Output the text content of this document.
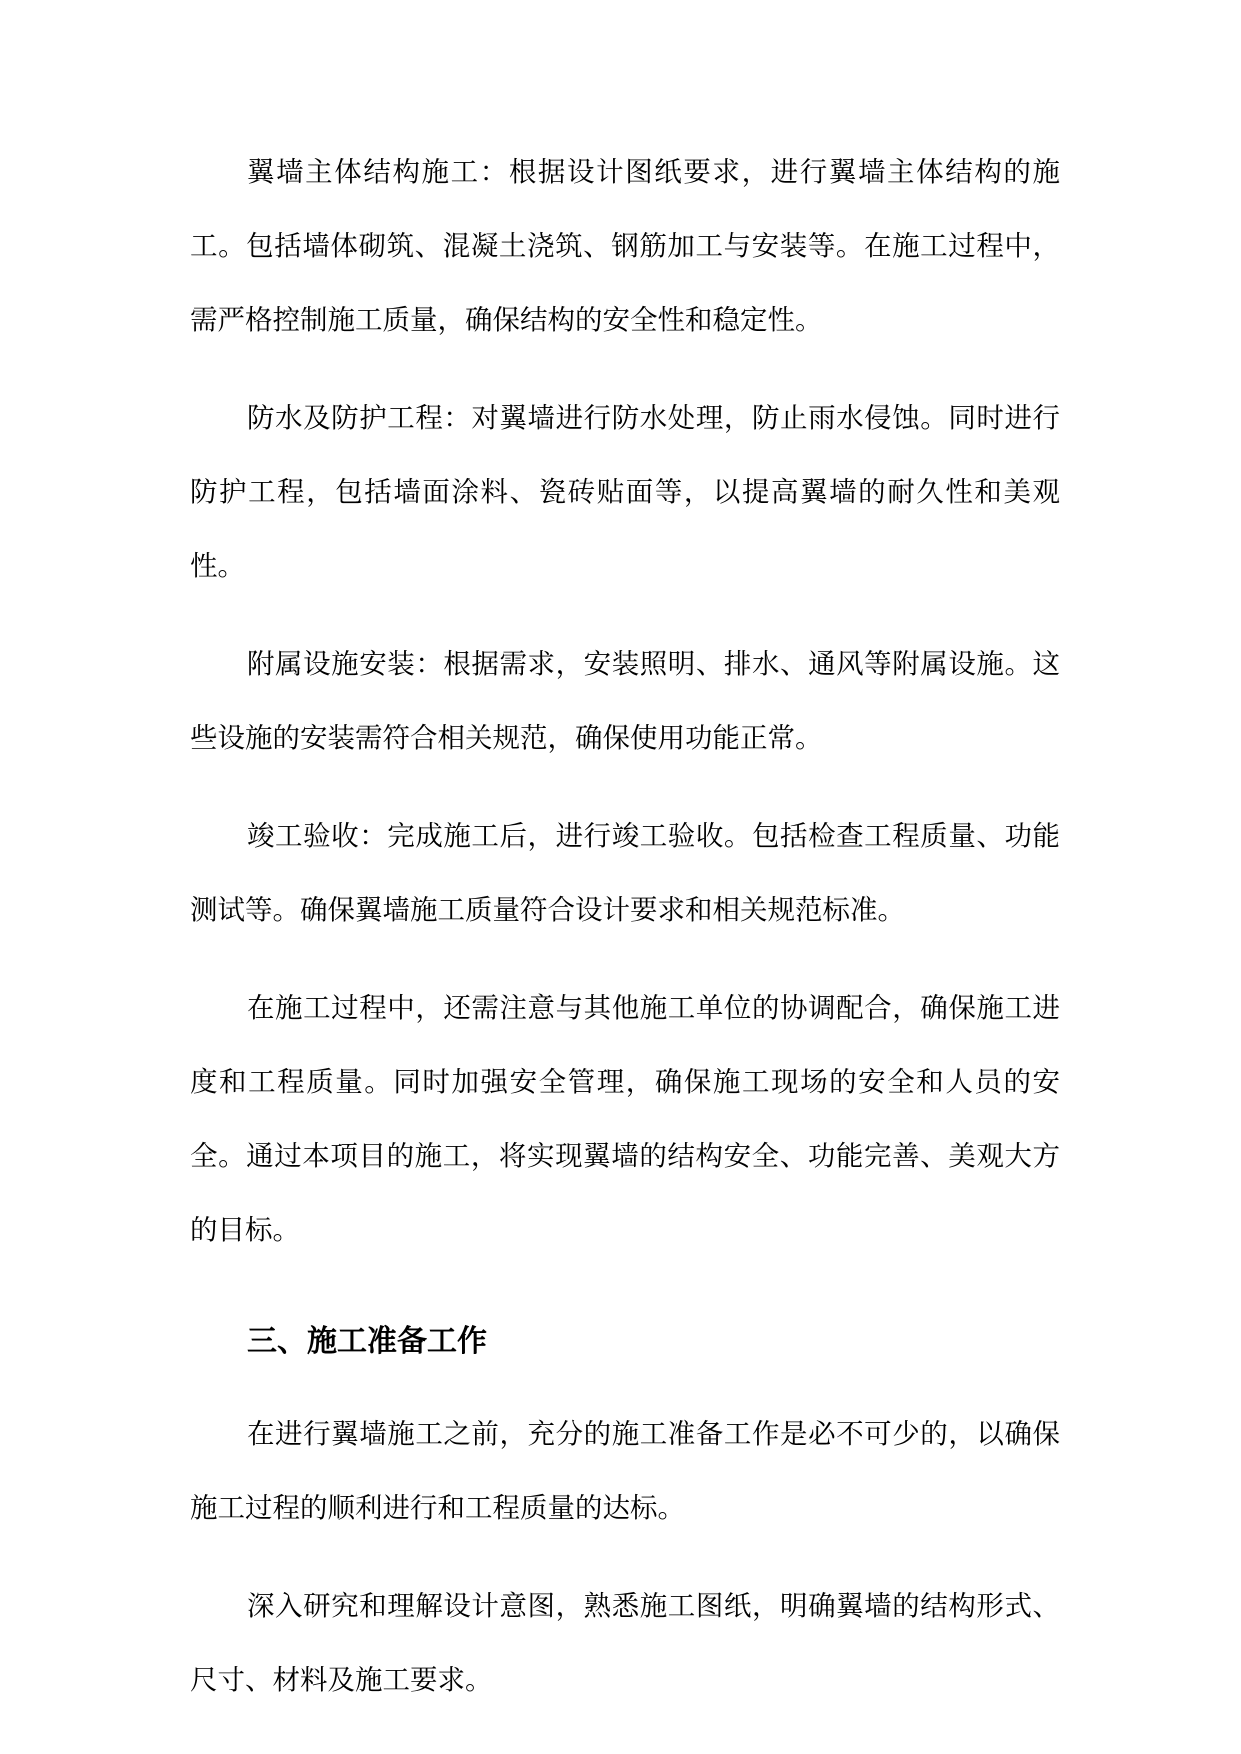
翼墙主体结构施工：根据设计图纸要求，进行翼墙主体结构的施工。包括墙体砌筑、混凝土浇筑、钢筋加工与安装等。在施工过程中，需严格控制施工质量，确保结构的安全性和稳定性。

防水及防护工程：对翼墙进行防水处理，防止雨水侵蚀。同时进行防护工程，包括墙面涂料、瓷砖贴面等，以提高翼墙的耐久性和美观性。

附属设施安装：根据需求，安装照明、排水、通风等附属设施。这些设施的安装需符合相关规范，确保使用功能正常。

竣工验收：完成施工后，进行竣工验收。包括检查工程质量、功能测试等。确保翼墙施工质量符合设计要求和相关规范标准。

在施工过程中，还需注意与其他施工单位的协调配合，确保施工进度和工程质量。同时加强安全管理，确保施工现场的安全和人员的安全。通过本项目的施工，将实现翼墙的结构安全、功能完善、美观大方的目标。

三、施工准备工作

在进行翼墙施工之前，充分的施工准备工作是必不可少的，以确保施工过程的顺利进行和工程质量的达标。

深入研究和理解设计意图，熟悉施工图纸，明确翼墙的结构形式、尺寸、材料及施工要求。
